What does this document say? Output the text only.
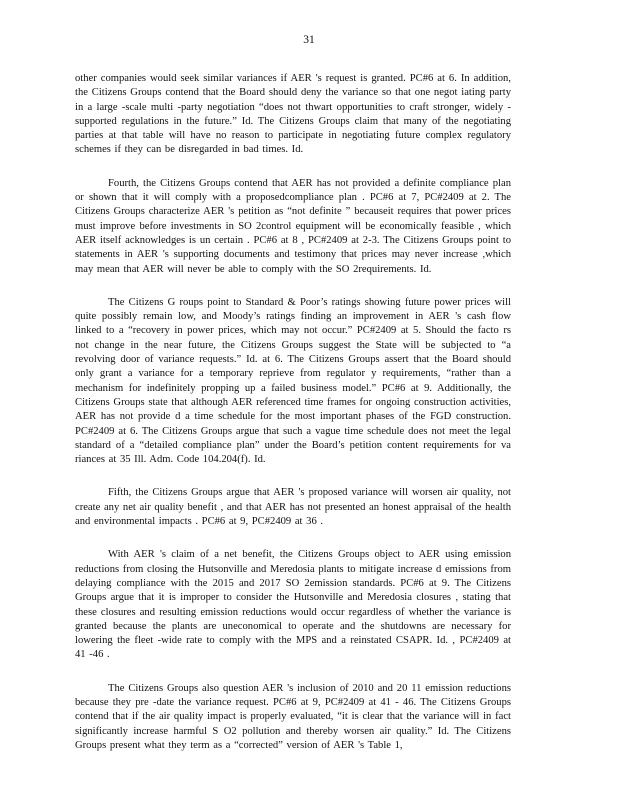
31

other companies would seek similar variances if AER 's request is granted. PC#6 at 6. In addition, the Citizens Groups contend that the Board should deny the variance so that one negot iating party in a large -scale multi -party negotiation “does not thwart opportunities to craft stronger, widely -supported regulations in the future.” Id. The Citizens Groups claim that many of the negotiating parties at that table will have no reason to participate in negotiating future complex regulatory schemes if they can be disregarded in bad times. Id.

Fourth, the Citizens Groups contend that AER has not provided a definite compliance plan or shown that it will comply with a proposedcompliance plan . PC#6 at 7, PC#2409 at 2. The Citizens Groups characterize AER 's petition as “not definite ” becauseit requires that power prices must improve before investments in SO 2control equipment will be economically feasible , which AER itself acknowledges is un certain . PC#6 at 8 , PC#2409 at 2-3. The Citizens Groups point to statements in AER 's supporting documents and testimony that prices may never increase ,which may mean that AER will never be able to comply with the SO 2requirements. Id.

The Citizens G roups point to Standard & Poor’s ratings showing future power prices will quite possibly remain low, and Moody’s ratings finding an improvement in AER 's cash flow linked to a “recovery in power prices, which may not occur.” PC#2409 at 5. Should the facto rs not change in the near future, the Citizens Groups suggest the State will be subjected to “a revolving door of variance requests.” Id. at 6. The Citizens Groups assert that the Board should only grant a variance for a temporary reprieve from regulator y requirements, “rather than a mechanism for indefinitely propping up a failed business model.” PC#6 at 9. Additionally, the Citizens Groups state that although AER referenced time frames for ongoing construction activities, AER has not provide d a time schedule for the most important phases of the FGD construction. PC#2409 at 6. The Citizens Groups argue that such a vague time schedule does not meet the legal standard of a “detailed compliance plan” under the Board’s petition content requirements for va riances at 35 Ill. Adm. Code 104.204(f). Id.

Fifth, the Citizens Groups argue that AER 's proposed variance will worsen air quality, not create any net air quality benefit , and that AER has not presented an honest appraisal of the health and environmental impacts . PC#6 at 9, PC#2409 at 36 .

With AER 's claim of a net benefit, the Citizens Groups object to AER using emission reductions from closing the Hutsonville and Meredosia plants to mitigate increase d emissions from delaying compliance with the 2015 and 2017 SO 2emission standards. PC#6 at 9. The Citizens Groups argue that it is improper to consider the Hutsonville and Meredosia closures , stating that these closures and resulting emission reductions would occur regardless of whether the variance is granted because the plants are uneconomical to operate and the shutdowns are necessary for lowering the fleet -wide rate to comply with the MPS and a reinstated CSAPR. Id. , PC#2409 at 41 -46 .

The Citizens Groups also question AER 's inclusion of 2010 and 20 11 emission reductions because they pre -date the variance request. PC#6 at 9, PC#2409 at 41 - 46. The Citizens Groups contend that if the air quality impact is properly evaluated, “it is clear that the variance will in fact significantly increase harmful S O2 pollution and thereby worsen air quality.” Id. The Citizens Groups present what they term as a “corrected” version of AER 's Table 1,
